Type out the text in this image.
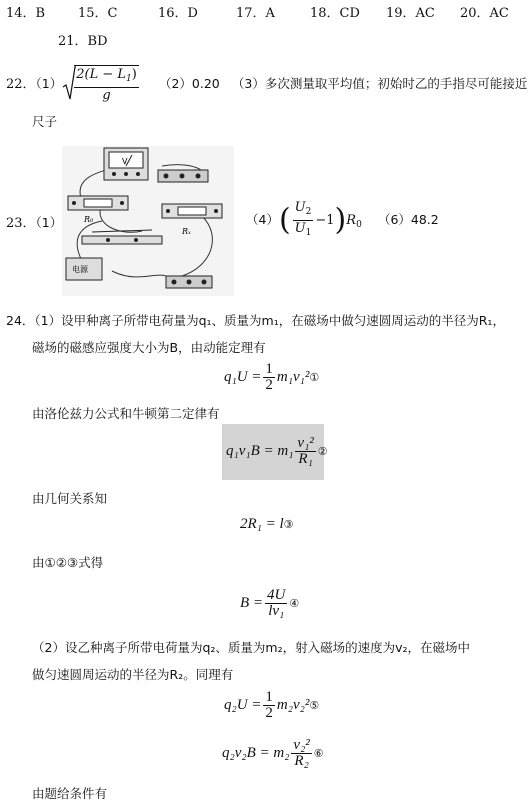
14．B	15．C	16．D	17．A	18．CD 19．AC 20．AC
21．BD
22．$(1) \frac{2(L - L_1)}{g} (2)0.20$ （3）多次测量取平均值；初始时乙的手指尽可能接近
尺子
23．（1）
V
R₀
Rₓ
电源
$(4)( \frac{U_2}{U_1} -1)R_0$ （6）48.2
24．（1）设甲种离子所带电荷量为q₁、质量为m₁，在磁场中做匀速圆周运动的半径为R₁，
磁场的磁感应强度大小为B，由动能定理有
$q_1U = \frac{1}{2}$ m₁v₁²①
由洛伦兹力公式和牛顿第二定律有
$q_1v_1B = m_1 \frac{\text{v₁²}}{\text{R₁}}$ ②
由几何关系知
2R₁ = l③
由①②③式得
$B = \frac{4U}{\text{lv₁}}$ ④
（2）设乙种离子所带电荷量为q₂、质量为m₂，射入磁场的速度为v₂，在磁场中
做匀速圆周运动的半径为R₂。同理有
$q_2U = \frac{1}{2}$ m₂v₂²⑤
$q_2v_2B = m_2 \frac{\text{v₂²}}{\text{R₂}}$ ⑥
由题给条件有
